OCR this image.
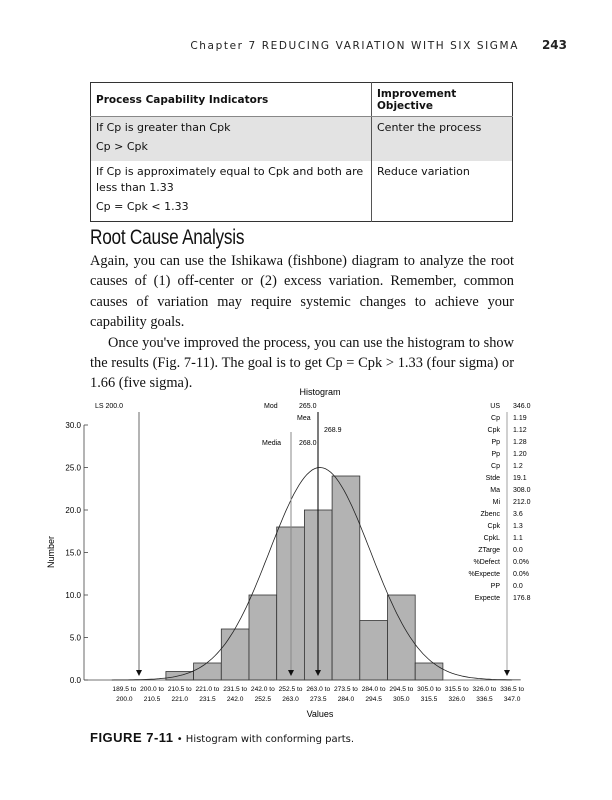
Chapter 7 REDUCING VARIATION WITH SIX SIGMA 243
Process Capability Indicators	Improvement Objective

If Cp is greater than Cpk

Cp > Cpk	Center the process

If Cp is approximately equal to Cpk and both are less than 1.33

Cp = Cpk < 1.33	Reduce variation
Root Cause Analysis

Again, you can use the Ishikawa (fishbone) diagram to analyze the root causes of (1) off-center or (2) excess variation. Remember, common causes of variation may require systemic changes to achieve your capability goals.

Once you've improved the process, you can use the histogram to show the results (Fig. 7-11). The goal is to get Cp = Cpk > 1.33 (four sigma) or 1.66 (five sigma).

Histogram
Values
Number
189.5 to
200.0
200.0 to
210.5
210.5 to
221.0
221.0 to
231.5
231.5 to
242.0
242.0 to
252.5
252.5 to
263.0
263.0 to
273.5
273.5 to
284.0
284.0 to
294.5
294.5 to
305.0
305.0 to
315.5
315.5 to
326.0
326.0 to
336.5
336.5 to
347.0
0.0
5.0
10.0
15.0
20.0
25.0
30.0
LS 200.0	Mod	265.0
Mea
268.9
Media	268.0
US 346.0
Cp 1.19
Cpk 1.12
Pp 1.28
Pp 1.20
Cp 1.2
Stde 19.1
Ma 308.0
Mi 212.0
Zbenc 3.6
Cpk 1.3
CpkL 1.1
ZTarge 0.0
%Defect 0.0%
%Expecte 0.0%
PP 0.0
Expecte 176.8
FIGURE 7-11 • Histogram with conforming parts.
